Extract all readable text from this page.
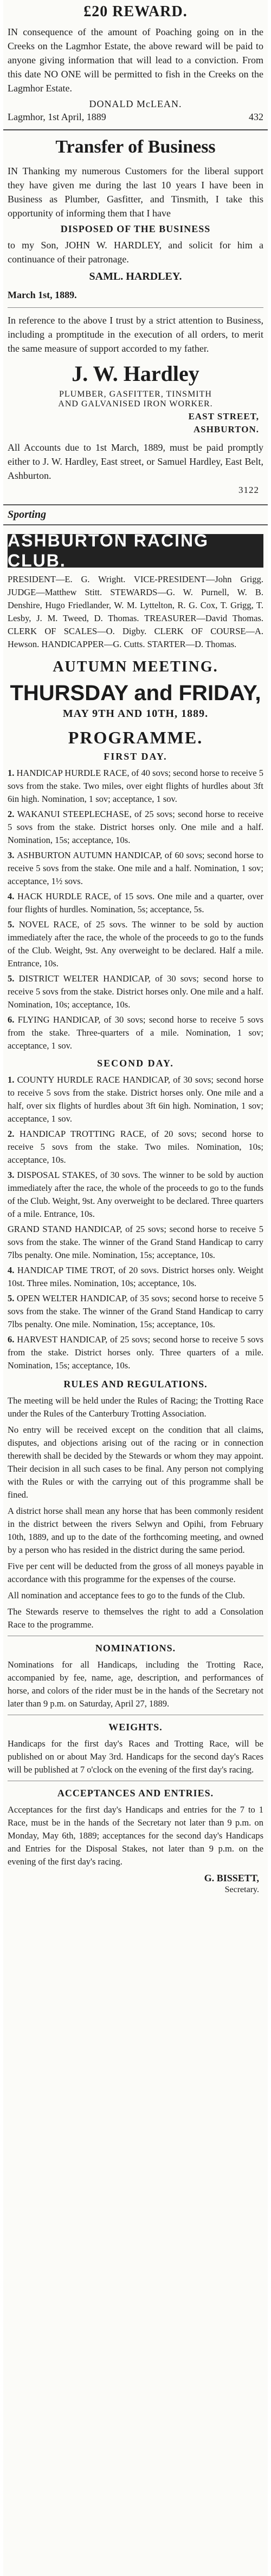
£20 REWARD.

IN consequence of the amount of Poaching going on in the Creeks on the Lagmhor Estate, the above reward will be paid to anyone giving information that will lead to a conviction. From this date NO ONE will be permitted to fish in the Creeks on the Lagmhor Estate.

DONALD McLEAN.
Lagmhor, 1st April, 1889	432
Transfer of Business

IN Thanking my numerous Customers for the liberal support they have given me during the last 10 years I have been in Business as Plumber, Gasfitter, and Tinsmith, I take this opportunity of informing them that I have

DISPOSED OF THE BUSINESS

to my Son, JOHN W. HARDLEY, and solicit for him a continuance of their patronage.

SAML. HARDLEY.
March 1st, 1889.

In reference to the above I trust by a strict attention to Business, including a promptitude in the execution of all orders, to merit the same measure of support accorded to my father.

J. W. Hardley

PLUMBER, GASFITTER, TINSMITH

AND GALVANISED IRON WORKER.

EAST STREET,
ASHBURTON.

All Accounts due to 1st March, 1889, must be paid promptly either to J. W. Hardley, East street, or Samuel Hardley, East Belt, Ashburton.

3122
Sporting
ASHBURTON RACING CLUB.

PRESIDENT—E. G. Wright. VICE-PRESIDENT—John Grigg. JUDGE—Matthew Stitt. STEWARDS—G. W. Purnell, W. B. Denshire, Hugo Friedlander, W. M. Lyttelton, R. G. Cox, T. Grigg, T. Lesby, J. M. Tweed, D. Thomas. TREASURER—David Thomas. CLERK OF SCALES—O. Digby. CLERK OF COURSE—A. Hewson. HANDICAPPER—G. Cutts. STARTER—D. Thomas.

AUTUMN MEETING.
THURSDAY and FRIDAY,
MAY 9TH AND 10TH, 1889.
PROGRAMME.
FIRST DAY.

1. HANDICAP HURDLE RACE, of 40 sovs; second horse to receive 5 sovs from the stake. Two miles, over eight flights of hurdles about 3ft 6in high. Nomination, 1 sov; acceptance, 1 sov.

2. WAKANUI STEEPLECHASE, of 25 sovs; second horse to receive 5 sovs from the stake. District horses only. One mile and a half. Nomination, 15s; acceptance, 10s.

3. ASHBURTON AUTUMN HANDICAP, of 60 sovs; second horse to receive 5 sovs from the stake. One mile and a half. Nomination, 1 sov; acceptance, 1½ sovs.

4. HACK HURDLE RACE, of 15 sovs. One mile and a quarter, over four flights of hurdles. Nomination, 5s; acceptance, 5s.

5. NOVEL RACE, of 25 sovs. The winner to be sold by auction immediately after the race, the whole of the proceeds to go to the funds of the Club. Weight, 9st. Any overweight to be declared. Half a mile. Entrance, 10s.

5. DISTRICT WELTER HANDICAP, of 30 sovs; second horse to receive 5 sovs from the stake. District horses only. One mile and a half. Nomination, 10s; acceptance, 10s.

6. FLYING HANDICAP, of 30 sovs; second horse to receive 5 sovs from the stake. Three-quarters of a mile. Nomination, 1 sov; acceptance, 1 sov.

SECOND DAY.

1. COUNTY HURDLE RACE HANDICAP, of 30 sovs; second horse to receive 5 sovs from the stake. District horses only. One mile and a half, over six flights of hurdles about 3ft 6in high. Nomination, 1 sov; acceptance, 1 sov.

2. HANDICAP TROTTING RACE, of 20 sovs; second horse to receive 5 sovs from the stake. Two miles. Nomination, 10s; acceptance, 10s.

3. DISPOSAL STAKES, of 30 sovs. The winner to be sold by auction immediately after the race, the whole of the proceeds to go to the funds of the Club. Weight, 9st. Any overweight to be declared. Three quarters of a mile. Entrance, 10s.

GRAND STAND HANDICAP, of 25 sovs; second horse to receive 5 sovs from the stake. The winner of the Grand Stand Handicap to carry 7lbs penalty. One mile. Nomination, 15s; acceptance, 10s.

4. HANDICAP TIME TROT, of 20 sovs. District horses only. Weight 10st. Three miles. Nomination, 10s; acceptance, 10s.

5. OPEN WELTER HANDICAP, of 35 sovs; second horse to receive 5 sovs from the stake. The winner of the Grand Stand Handicap to carry 7lbs penalty. One mile. Nomination, 15s; acceptance, 10s.

6. HARVEST HANDICAP, of 25 sovs; second horse to receive 5 sovs from the stake. District horses only. Three quarters of a mile. Nomination, 15s; acceptance, 10s.

RULES AND REGULATIONS.

The meeting will be held under the Rules of Racing; the Trotting Race under the Rules of the Canterbury Trotting Association.

No entry will be received except on the condition that all claims, disputes, and objections arising out of the racing or in connection therewith shall be decided by the Stewards or whom they may appoint. Their decision in all such cases to be final. Any person not complying with the Rules or with the carrying out of this programme shall be fined.

A district horse shall mean any horse that has been commonly resident in the district between the rivers Selwyn and Opihi, from February 10th, 1889, and up to the date of the forthcoming meeting, and owned by a person who has resided in the district during the same period.

Five per cent will be deducted from the gross of all moneys payable in accordance with this programme for the expenses of the course.

All nomination and acceptance fees to go to the funds of the Club.

The Stewards reserve to themselves the right to add a Consolation Race to the programme.

NOMINATIONS.

Nominations for all Handicaps, including the Trotting Race, accompanied by fee, name, age, description, and performances of horse, and colors of the rider must be in the hands of the Secretary not later than 9 p.m. on Saturday, April 27, 1889.

WEIGHTS.

Handicaps for the first day's Races and Trotting Race, will be published on or about May 3rd. Handicaps for the second day's Races will be published at 7 o'clock on the evening of the first day's racing.

ACCEPTANCES AND ENTRIES.

Acceptances for the first day's Handicaps and entries for the 7 to 1 Race, must be in the hands of the Secretary not later than 9 p.m. on Monday, May 6th, 1889; acceptances for the second day's Handicaps and Entries for the Disposal Stakes, not later than 9 p.m. on the evening of the first day's racing.

G. BISSETT,
Secretary.
